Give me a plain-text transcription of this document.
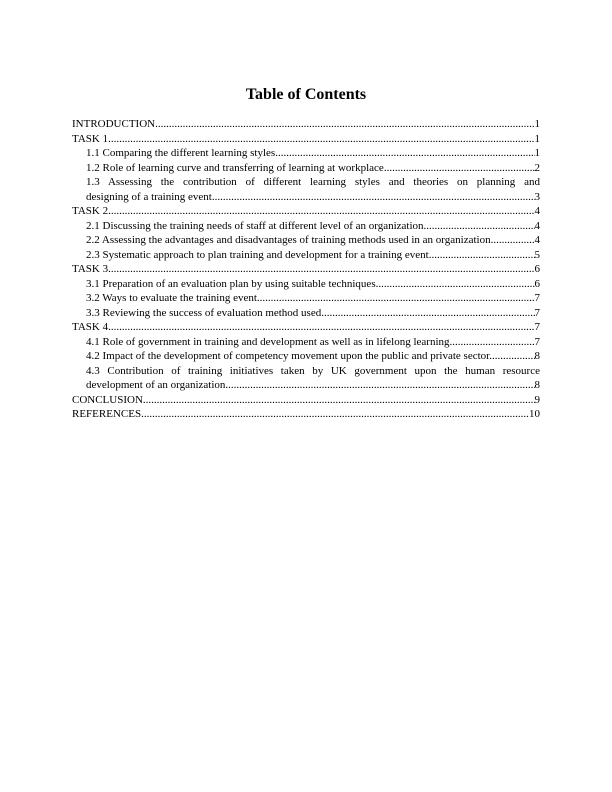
Table of Contents
INTRODUCTION .....	1
TASK 1 .....	1
1.1 Comparing the different learning styles .....	1
1.2 Role of learning curve and transferring of learning at workplace .....	2
1.3 Assessing the contribution of different learning styles and theories on planning and
designing of a training event .....	3
TASK 2 .....	4
2.1 Discussing the training needs of staff at different level of an organization .....	4
2.2 Assessing the advantages and disadvantages of training methods used in an organization. .....	4
2.3 Systematic approach to plan training and development for a training event .....	5
TASK 3 .....	6
3.1 Preparation of an evaluation plan by using suitable techniques .....	6
3.2 Ways to evaluate the training event .....	7
3.3 Reviewing the success of evaluation method used .....	7
TASK 4 .....	7
4.1 Role of government in training and development as well as in lifelong learning .....	7
4.2 Impact of the development of competency movement upon the public and private sector. .....	8
4.3 Contribution of training initiatives taken by UK government upon the human resource
development of an organization .....	8
CONCLUSION .....	9
REFERENCES .....	10
